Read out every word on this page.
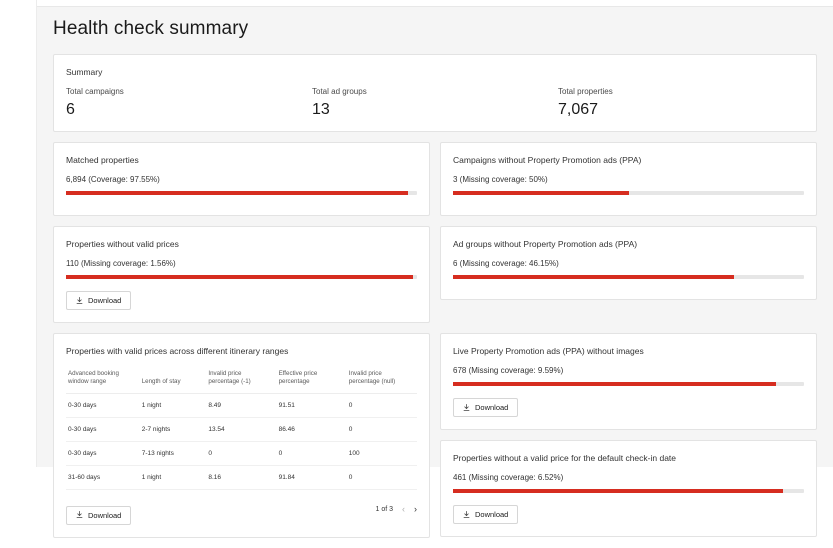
Health check summary
Summary
Total campaigns
6
Total ad groups
13
Total properties
7,067
Matched properties
6,894 (Coverage: 97.55%)
Campaigns without Property Promotion ads (PPA)
3 (Missing coverage: 50%)
Properties without valid prices
110 (Missing coverage: 1.56%)
Download
Ad groups without Property Promotion ads (PPA)
6 (Missing coverage: 46.15%)
Properties with valid prices across different itinerary ranges
Advanced booking window range	Length of stay	Invalid price percentage (-1)	Effective price percentage	Invalid price percentage (null)
0-30 days	1 night	8.49	91.51	0
0-30 days	2-7 nights	13.54	86.46	0
0-30 days	7-13 nights	0	0	100
31-60 days	1 night	8.16	91.84	0
Download
1 of 3 ‹ ›
Live Property Promotion ads (PPA) without images
678 (Missing coverage: 9.59%)
Download
Properties without a valid price for the default check-in date
461 (Missing coverage: 6.52%)
Download
